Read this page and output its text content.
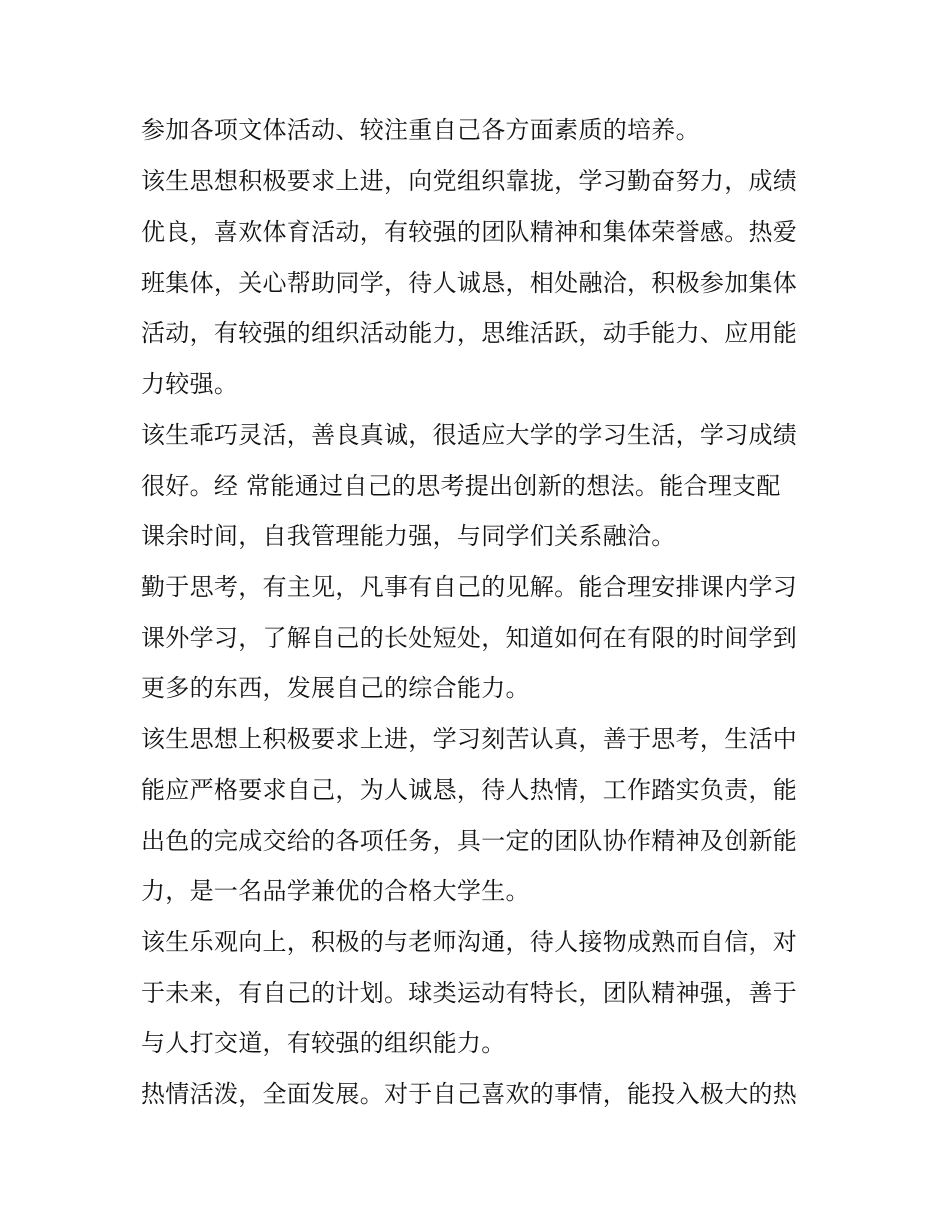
参加各项文体活动、较注重自己各方面素质的培养。

该生思想积极要求上进，向党组织靠拢，学习勤奋努力，成绩

优良，喜欢体育活动，有较强的团队精神和集体荣誉感。热爱

班集体，关心帮助同学，待人诚恳，相处融洽，积极参加集体

活动，有较强的组织活动能力，思维活跃，动手能力、应用能

力较强。

该生乖巧灵活，善良真诚，很适应大学的学习生活，学习成绩

很好。经 常能通过自己的思考提出创新的想法。能合理支配

课余时间，自我管理能力强，与同学们关系融洽。

勤于思考，有主见，凡事有自己的见解。能合理安排课内学习

课外学习，了解自己的长处短处，知道如何在有限的时间学到

更多的东西，发展自己的综合能力。

该生思想上积极要求上进，学习刻苦认真，善于思考，生活中

能应严格要求自己，为人诚恳，待人热情，工作踏实负责，能

出色的完成交给的各项任务，具一定的团队协作精神及创新能

力，是一名品学兼优的合格大学生。

该生乐观向上，积极的与老师沟通，待人接物成熟而自信，对

于未来，有自己的计划。球类运动有特长，团队精神强，善于

与人打交道，有较强的组织能力。

热情活泼，全面发展。对于自己喜欢的事情，能投入极大的热
